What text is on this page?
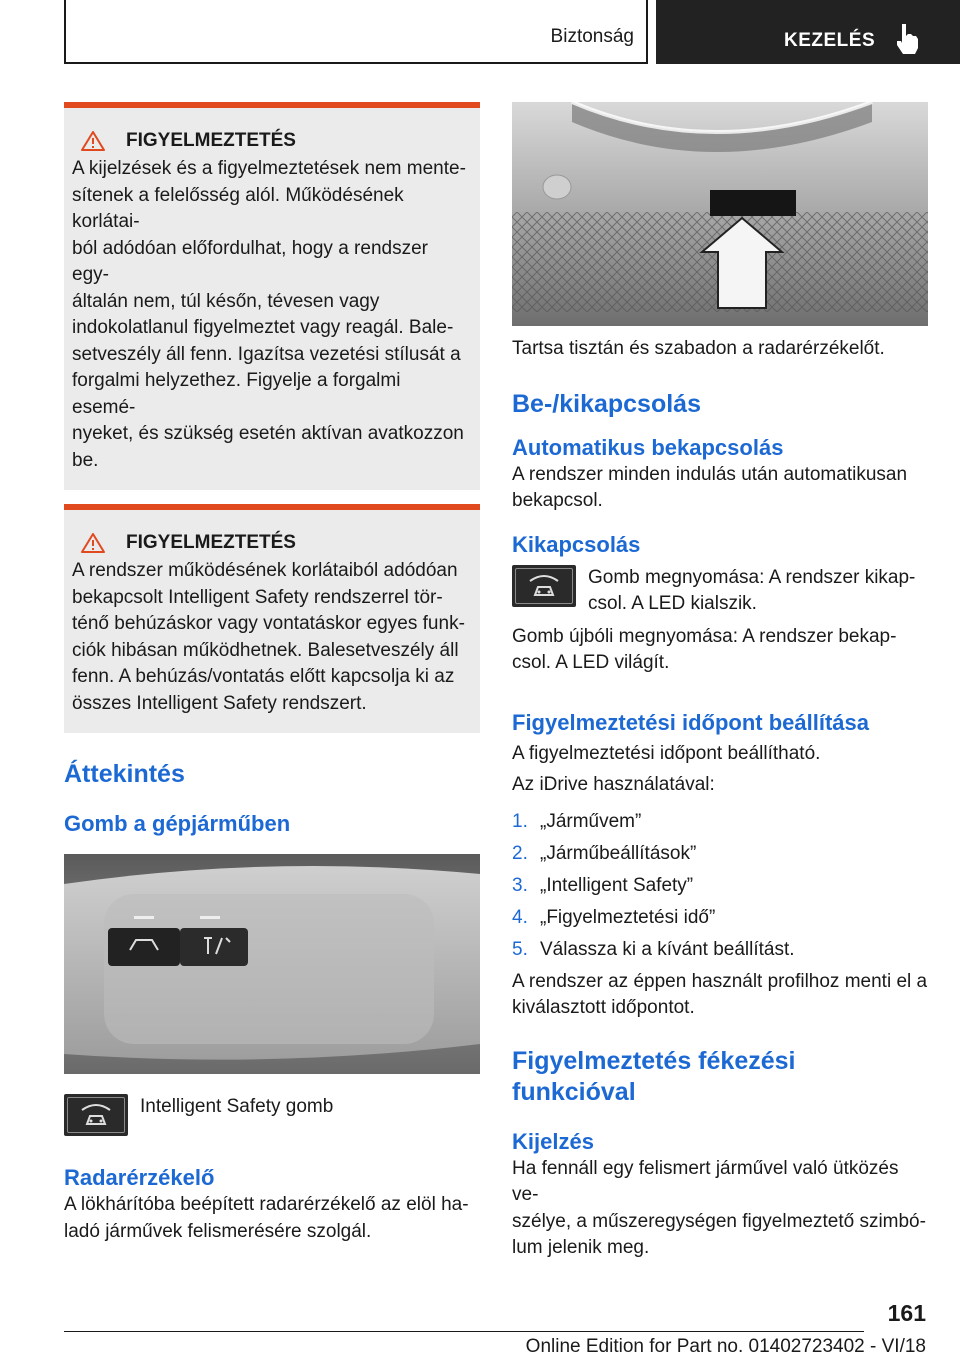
Biztonság	KEZELÉS
FIGYELMEZTETÉS
A kijelzések és a figyelmeztetések nem mente-
sítenek a felelősség alól. Működésének korlátai-
ból adódóan előfordulhat, hogy a rendszer egy-
általán nem, túl későn, tévesen vagy
indokolatlanul figyelmeztet vagy reagál. Bale-
setveszély áll fenn. Igazítsa vezetési stílusát a
forgalmi helyzethez. Figyelje a forgalmi esemé-
nyeket, és szükség esetén aktívan avatkozzon
be.
FIGYELMEZTETÉS
A rendszer működésének korlátaiból adódóan
bekapcsolt Intelligent Safety rendszerrel tör-
ténő behúzáskor vagy vontatáskor egyes funk-
ciók hibásan működhetnek. Balesetveszély áll
fenn. A behúzás/vontatás előtt kapcsolja ki az
összes Intelligent Safety rendszert.
Áttekintés
Gomb a gépjárműben
Intelligent Safety gomb
Radarérzékelő
A lökhárítóba beépített radarérzékelő az elöl ha-
ladó járművek felismerésére szolgál.
Tartsa tisztán és szabadon a radarérzékelőt.
Be-/kikapcsolás
Automatikus bekapcsolás
A rendszer minden indulás után automatikusan
bekapcsol.
Kikapcsolás
Gomb megnyomása: A rendszer kikap-
csol. A LED kialszik.
Gomb újbóli megnyomása: A rendszer bekap-
csol. A LED világít.
Figyelmeztetési időpont beállítása
A figyelmeztetési időpont beállítható.
Az iDrive használatával:
1. „Járművem”
2. „Járműbeállítások”
3. „Intelligent Safety”
4. „Figyelmeztetési idő”
5. Válassza ki a kívánt beállítást.
A rendszer az éppen használt profilhoz menti el a
kiválasztott időpontot.
Figyelmeztetés fékezési
funkcióval
Kijelzés
Ha fennáll egy felismert járművel való ütközés ve-
szélye, a műszeregységen figyelmeztető szimbó-
lum jelenik meg.
161
Online Edition for Part no. 01402723402 - VI/18
